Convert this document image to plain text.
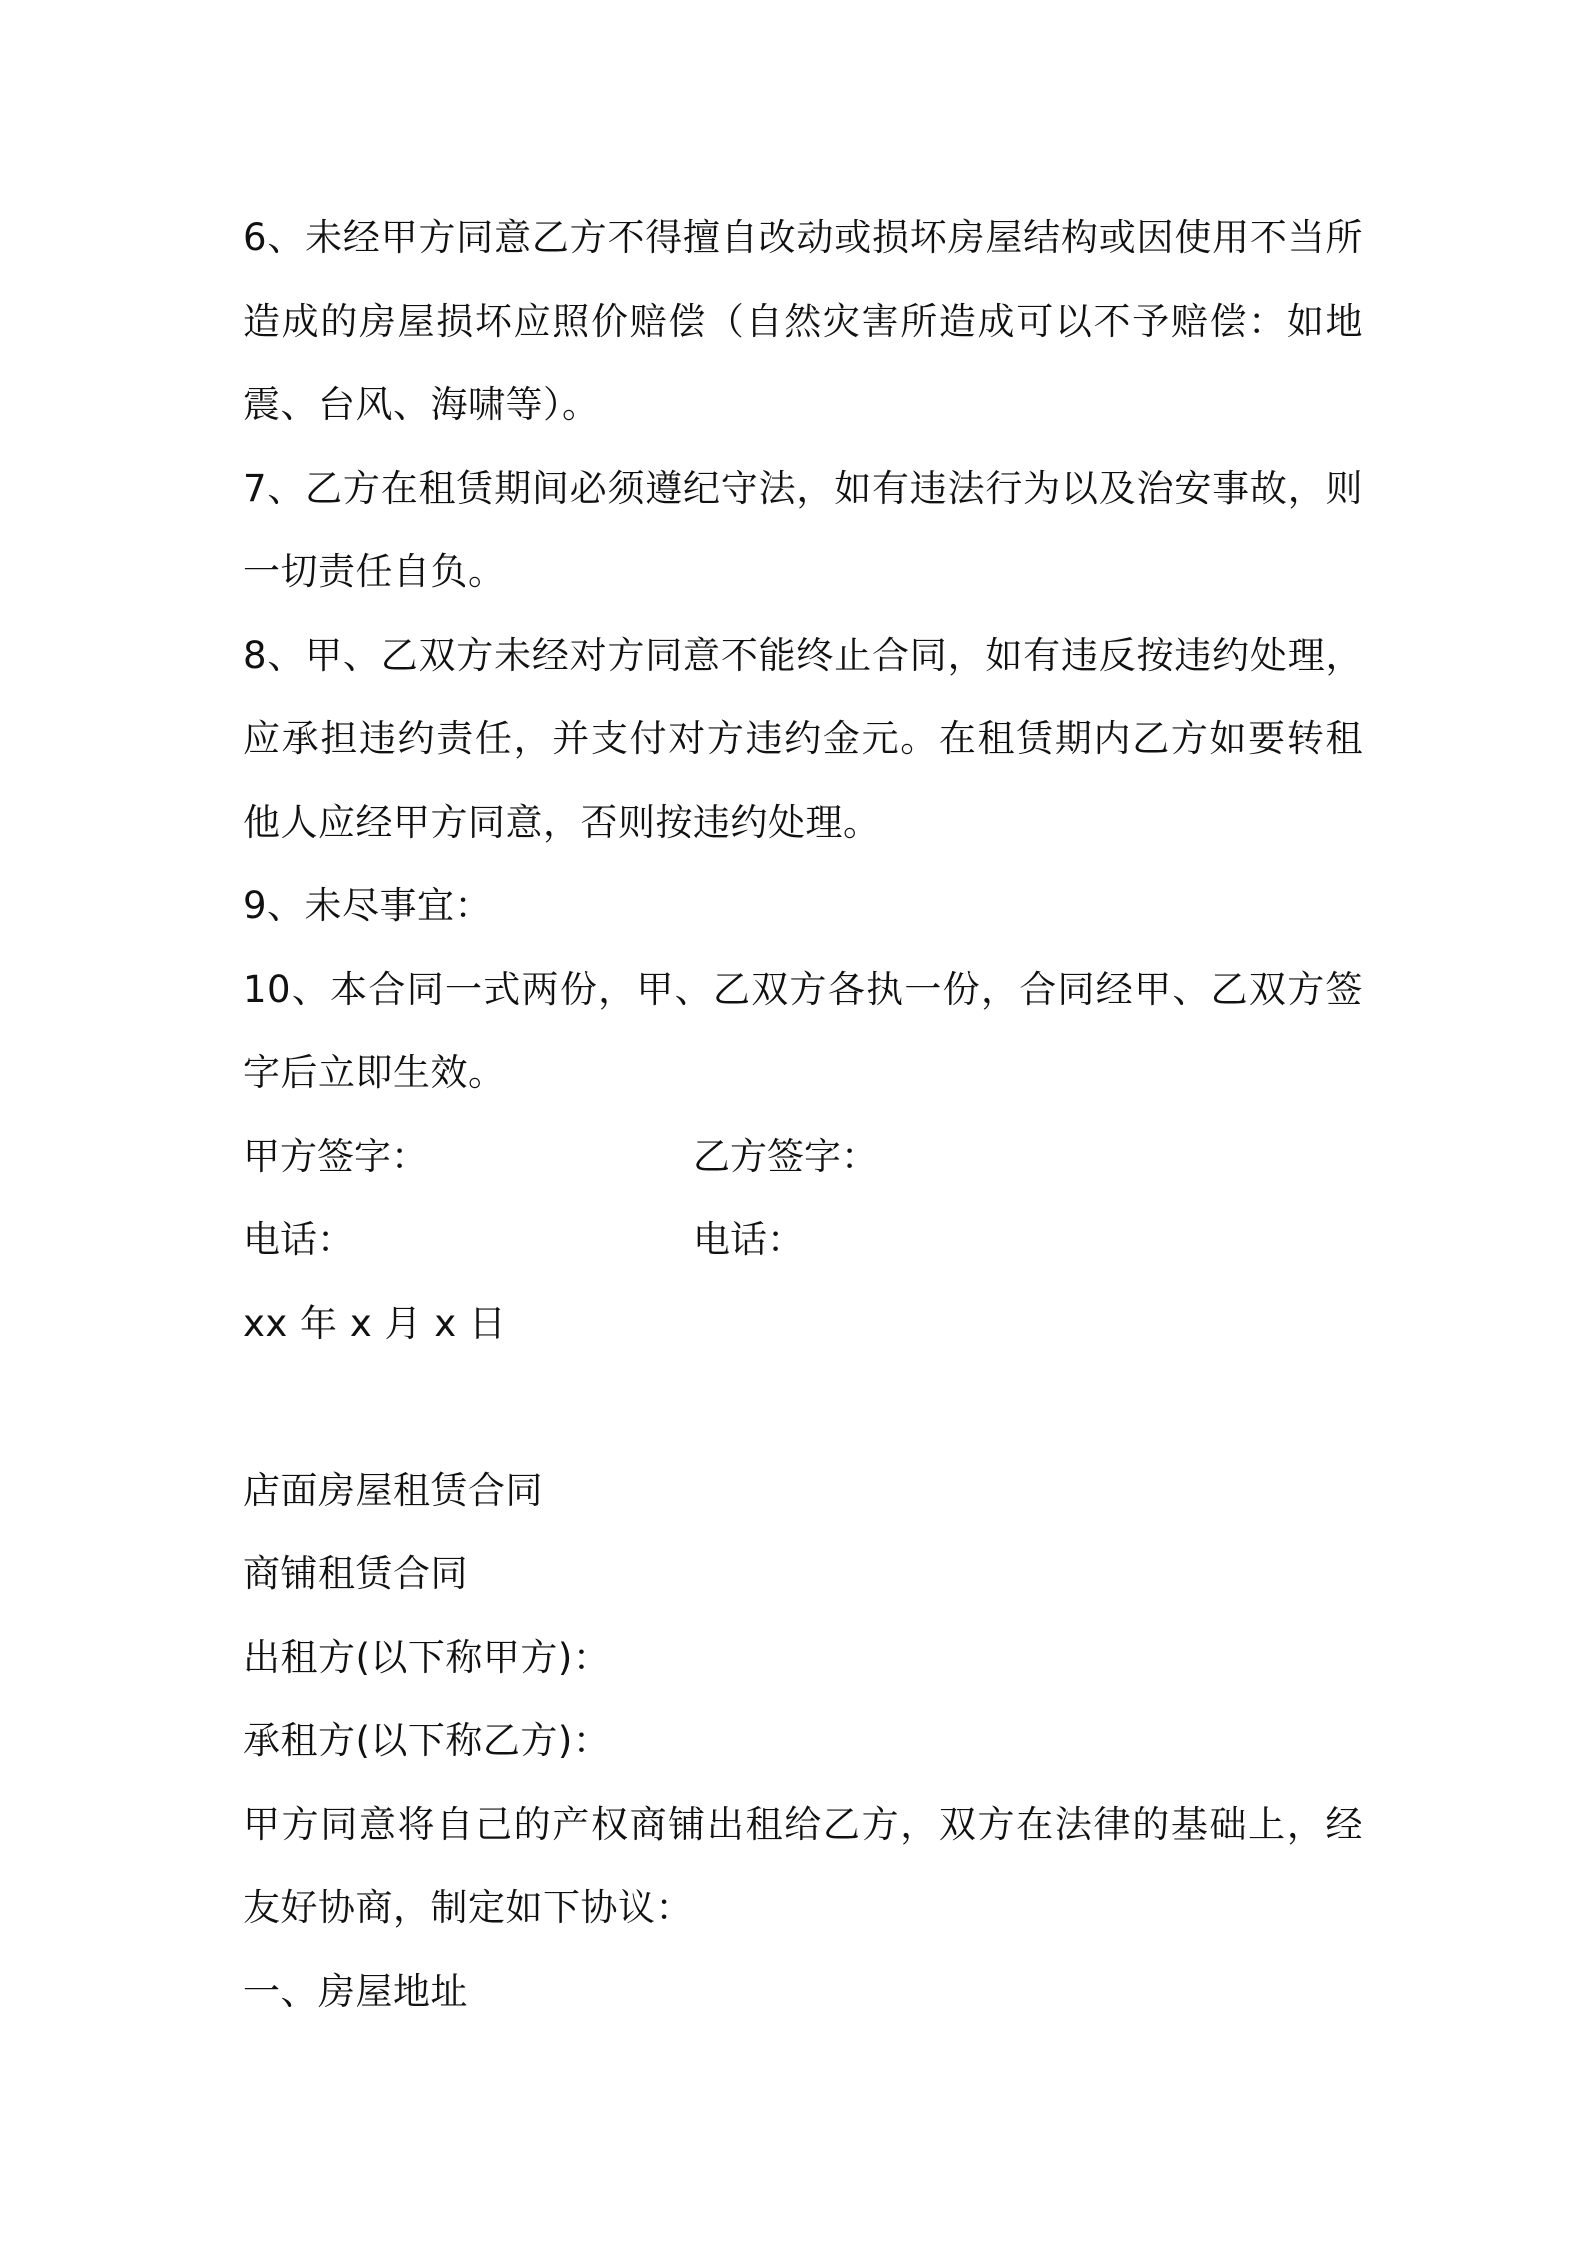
6、未经甲方同意乙方不得擅自改动或损坏房屋结构或因使用不当所造成的房屋损坏应照价赔偿（自然灾害所造成可以不予赔偿：如地震、台风、海啸等）。

7、乙方在租赁期间必须遵纪守法，如有违法行为以及治安事故，则一切责任自负。

8、甲、乙双方未经对方同意不能终止合同，如有违反按违约处理，应承担违约责任，并支付对方违约金元。在租赁期内乙方如要转租他人应经甲方同意，否则按违约处理。

9、未尽事宜：

10、本合同一式两份，甲、乙双方各执一份，合同经甲、乙双方签字后立即生效。

甲方签字：	乙方签字：
电话：	电话：

xx 年 x 月 x 日

店面房屋租赁合同

商铺租赁合同

出租方(以下称甲方)：

承租方(以下称乙方)：

甲方同意将自己的产权商铺出租给乙方，双方在法律的基础上，经友好协商，制定如下协议：

一、房屋地址
